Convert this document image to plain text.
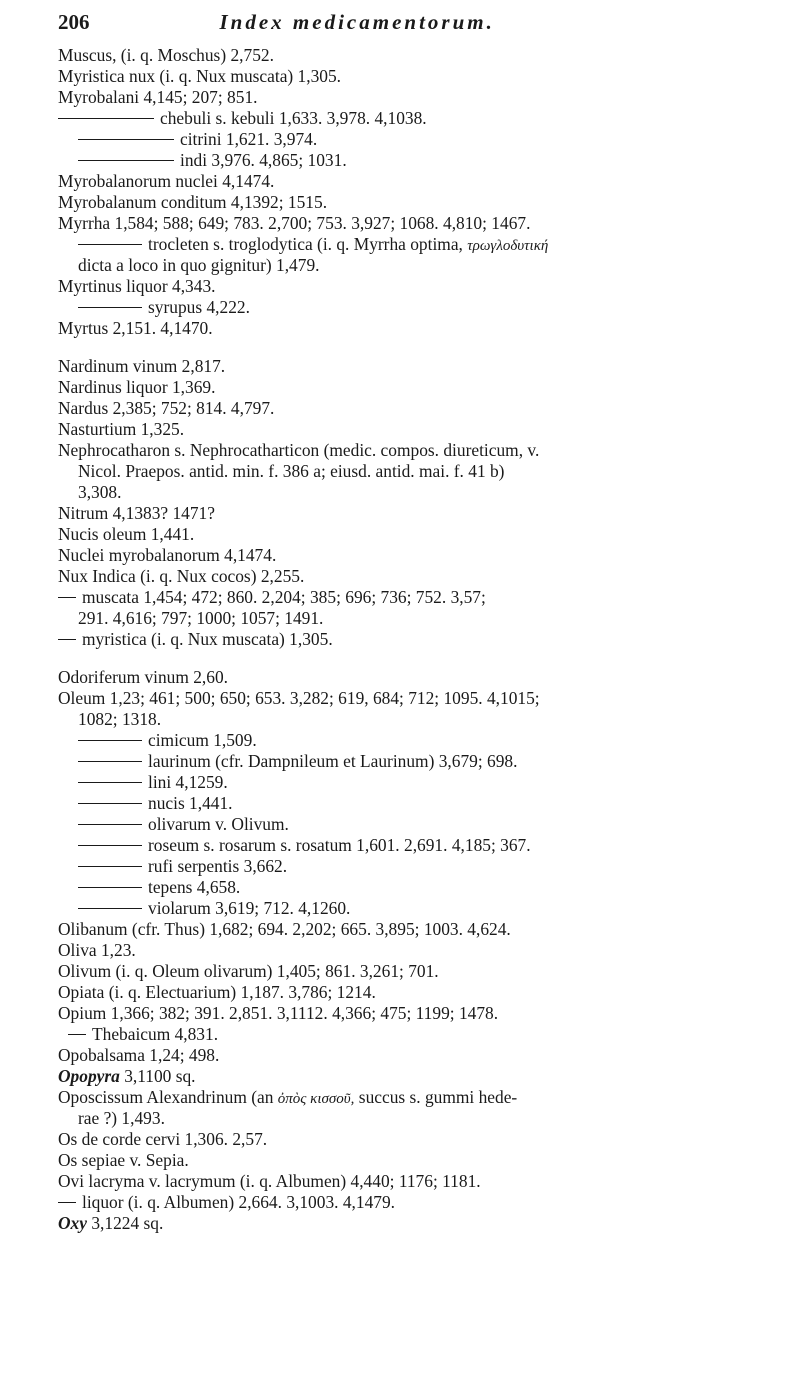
206	Index medicamentorum.
Muscus, (i. q. Moschus) 2,752.
Myristica nux (i. q. Nux muscata) 1,305.
Myrobalani 4,145; 207; 851.
chebuli s. kebuli 1,633. 3,978. 4,1038.
citrini 1,621. 3,974.
indi 3,976. 4,865; 1031.
Myrobalanorum nuclei 4,1474.
Myrobalanum conditum 4,1392; 1515.
Myrrha 1,584; 588; 649; 783. 2,700; 753. 3,927; 1068. 4,810; 1467.
trocleten s. troglodytica (i. q. Myrrha optima, τρωγλοδυτική
dicta a loco in quo gignitur) 1,479.
Myrtinus liquor 4,343.
syrupus 4,222.
Myrtus 2,151. 4,1470.
Nardinum vinum 2,817.
Nardinus liquor 1,369.
Nardus 2,385; 752; 814. 4,797.
Nasturtium 1,325.
Nephrocatharon s. Nephrocatharticon (medic. compos. diureticum, v.
Nicol. Praepos. antid. min. f. 386 a; eiusd. antid. mai. f. 41 b)
3,308.
Nitrum 4,1383? 1471?
Nucis oleum 1,441.
Nuclei myrobalanorum 4,1474.
Nux Indica (i. q. Nux cocos) 2,255.
muscata 1,454; 472; 860. 2,204; 385; 696; 736; 752. 3,57;
291. 4,616; 797; 1000; 1057; 1491.
myristica (i. q. Nux muscata) 1,305.
Odoriferum vinum 2,60.
Oleum 1,23; 461; 500; 650; 653. 3,282; 619, 684; 712; 1095. 4,1015;
1082; 1318.
cimicum 1,509.
laurinum (cfr. Dampnileum et Laurinum) 3,679; 698.
lini 4,1259.
nucis 1,441.
olivarum v. Olivum.
roseum s. rosarum s. rosatum 1,601. 2,691. 4,185; 367.
rufi serpentis 3,662.
tepens 4,658.
violarum 3,619; 712. 4,1260.
Olibanum (cfr. Thus) 1,682; 694. 2,202; 665. 3,895; 1003. 4,624.
Oliva 1,23.
Olivum (i. q. Oleum olivarum) 1,405; 861. 3,261; 701.
Opiata (i. q. Electuarium) 1,187. 3,786; 1214.
Opium 1,366; 382; 391. 2,851. 3,1112. 4,366; 475; 1199; 1478.
Thebaicum 4,831.
Opobalsama 1,24; 498.
Opopyra 3,1100 sq.
Oposcissum Alexandrinum (an ὀπὸς κισσοῦ, succus s. gummi hede-
rae ?) 1,493.
Os de corde cervi 1,306. 2,57.
Os sepiae v. Sepia.
Ovi lacryma v. lacrymum (i. q. Albumen) 4,440; 1176; 1181.
liquor (i. q. Albumen) 2,664. 3,1003. 4,1479.
Oxy 3,1224 sq.
